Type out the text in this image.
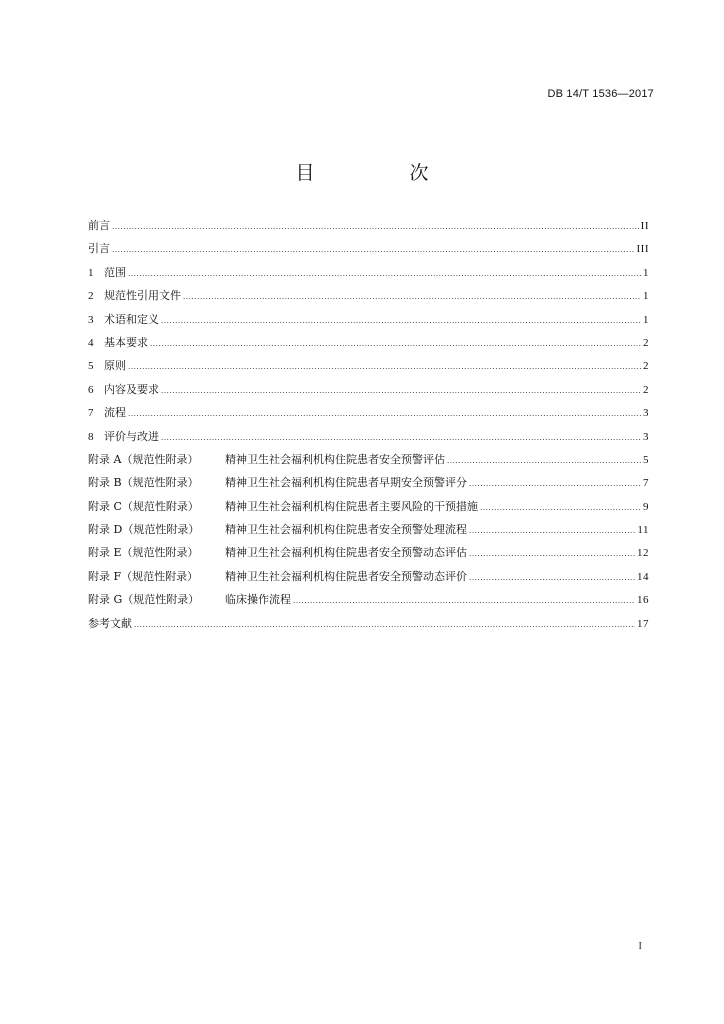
DB 14/T 1536—2017
目　次
前言 .....	II
引言 .....	III
1 范围 .....	1
2 规范性引用文件 .....	1
3 术语和定义 .....	1
4 基本要求 .....	2
5 原则 .....	2
6 内容及要求 .....	2
7 流程 .....	3
8 评价与改进 .....	3
附录 A（规范性附录）	精神卫生社会福利机构住院患者安全预警评估 .....	5
附录 B（规范性附录）	精神卫生社会福利机构住院患者早期安全预警评分 .....	7
附录 C（规范性附录）	精神卫生社会福利机构住院患者主要风险的干预措施 .....	9
附录 D（规范性附录）	精神卫生社会福利机构住院患者安全预警处理流程 .....	11
附录 E（规范性附录）	精神卫生社会福利机构住院患者安全预警动态评估 .....	12
附录 F（规范性附录）	精神卫生社会福利机构住院患者安全预警动态评价 .....	14
附录 G（规范性附录）	临床操作流程 .....	16
参考文献 .....	17
I
